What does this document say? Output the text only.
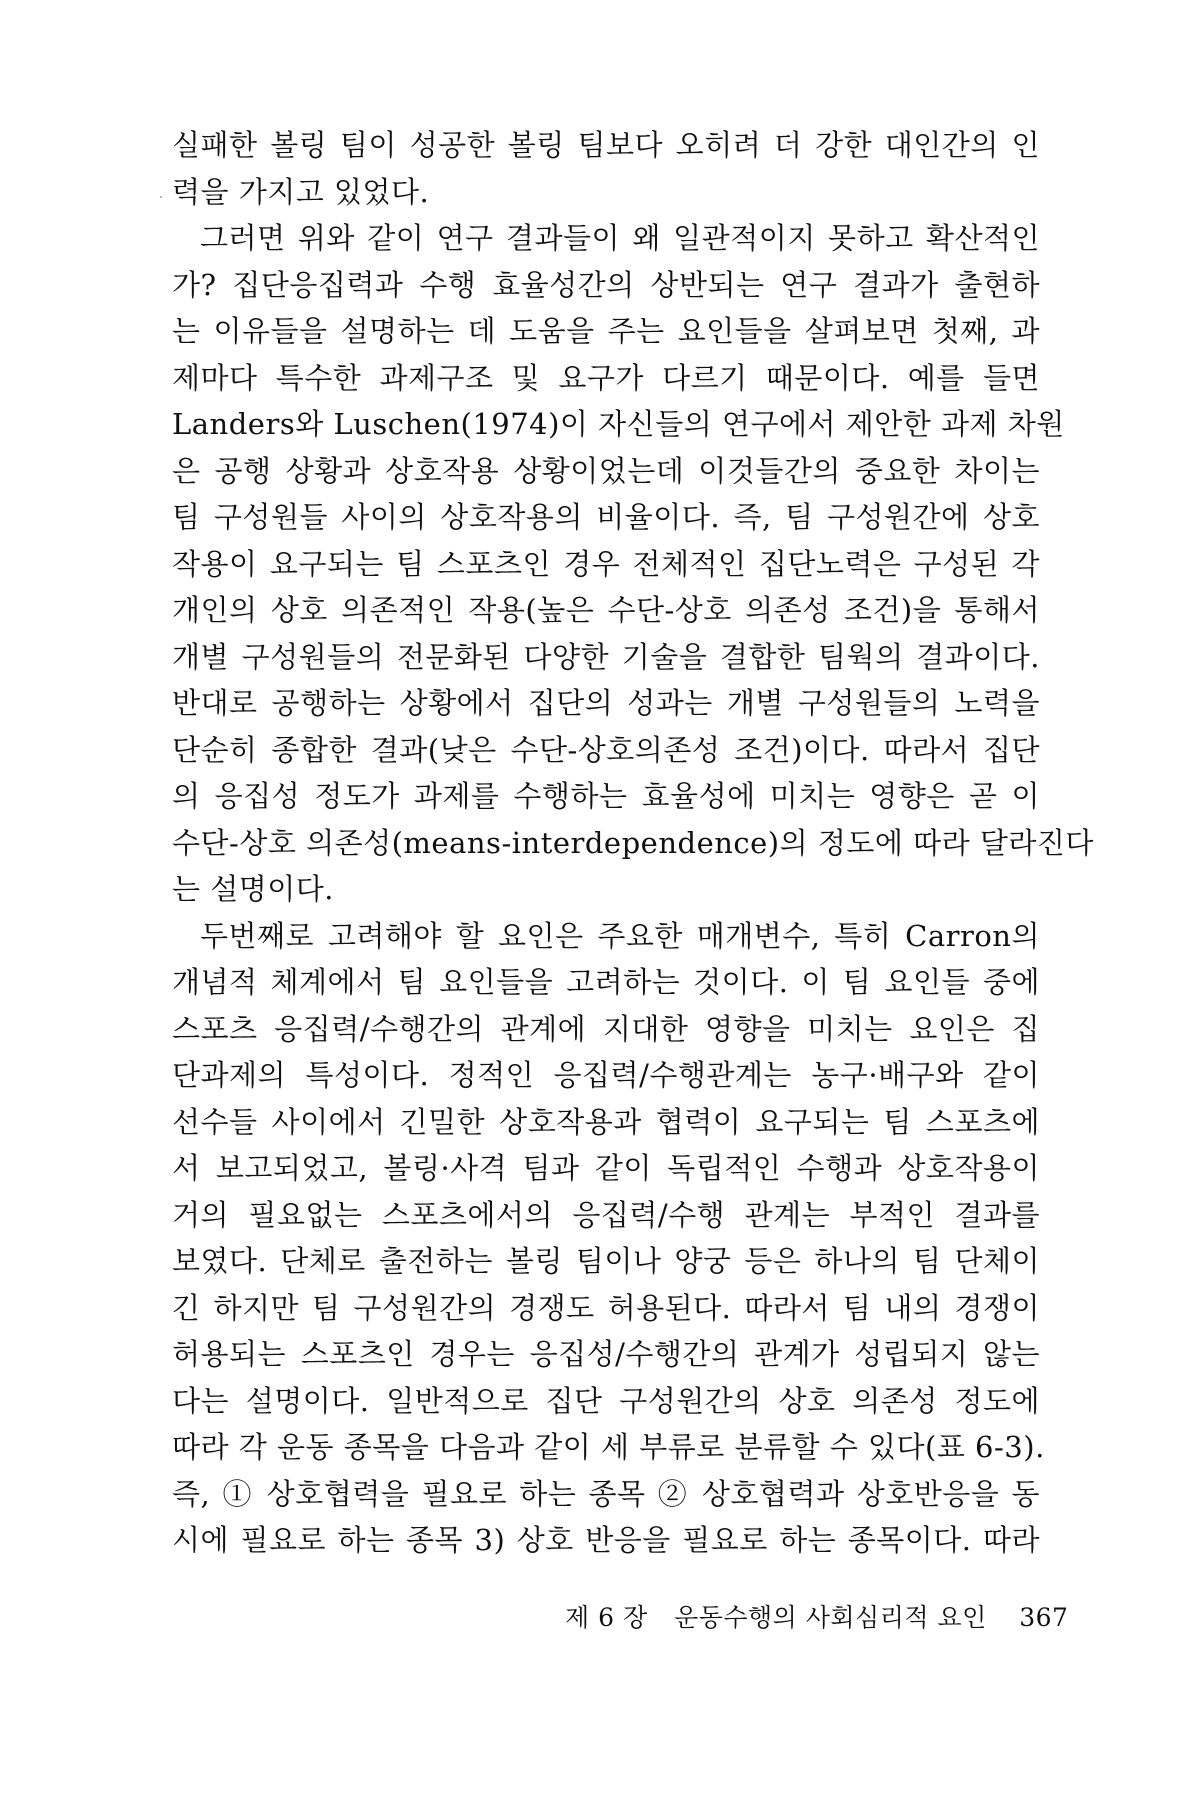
실패한 볼링 팀이 성공한 볼링 팀보다 오히려 더 강한 대인간의 인
력을 가지고 있었다.
그러면 위와 같이 연구 결과들이 왜 일관적이지 못하고 확산적인
가? 집단응집력과 수행 효율성간의 상반되는 연구 결과가 출현하
는 이유들을 설명하는 데 도움을 주는 요인들을 살펴보면 첫째, 과
제마다 특수한 과제구조 및 요구가 다르기 때문이다. 예를 들면
Landers와 Luschen(1974)이 자신들의 연구에서 제안한 과제 차원
은 공행 상황과 상호작용 상황이었는데 이것들간의 중요한 차이는
팀 구성원들 사이의 상호작용의 비율이다. 즉, 팀 구성원간에 상호
작용이 요구되는 팀 스포츠인 경우 전체적인 집단노력은 구성된 각
개인의 상호 의존적인 작용(높은 수단-상호 의존성 조건)을 통해서
개별 구성원들의 전문화된 다양한 기술을 결합한 팀웍의 결과이다.
반대로 공행하는 상황에서 집단의 성과는 개별 구성원들의 노력을
단순히 종합한 결과(낮은 수단-상호의존성 조건)이다. 따라서 집단
의 응집성 정도가 과제를 수행하는 효율성에 미치는 영향은 곧 이
수단-상호 의존성(means-interdependence)의 정도에 따라 달라진다
는 설명이다.
두번째로 고려해야 할 요인은 주요한 매개변수, 특히 Carron의
개념적 체계에서 팀 요인들을 고려하는 것이다. 이 팀 요인들 중에
스포츠 응집력/수행간의 관계에 지대한 영향을 미치는 요인은 집
단과제의 특성이다. 정적인 응집력/수행관계는 농구·배구와 같이
선수들 사이에서 긴밀한 상호작용과 협력이 요구되는 팀 스포츠에
서 보고되었고, 볼링·사격 팀과 같이 독립적인 수행과 상호작용이
거의 필요없는 스포츠에서의 응집력/수행 관계는 부적인 결과를
보였다. 단체로 출전하는 볼링 팀이나 양궁 등은 하나의 팀 단체이
긴 하지만 팀 구성원간의 경쟁도 허용된다. 따라서 팀 내의 경쟁이
허용되는 스포츠인 경우는 응집성/수행간의 관계가 성립되지 않는
다는 설명이다. 일반적으로 집단 구성원간의 상호 의존성 정도에
따라 각 운동 종목을 다음과 같이 세 부류로 분류할 수 있다(표 6-3).
즉, ① 상호협력을 필요로 하는 종목 ② 상호협력과 상호반응을 동
시에 필요로 하는 종목 3) 상호 반응을 필요로 하는 종목이다. 따라
제 6 장 운동수행의 사회심리적 요인 367
